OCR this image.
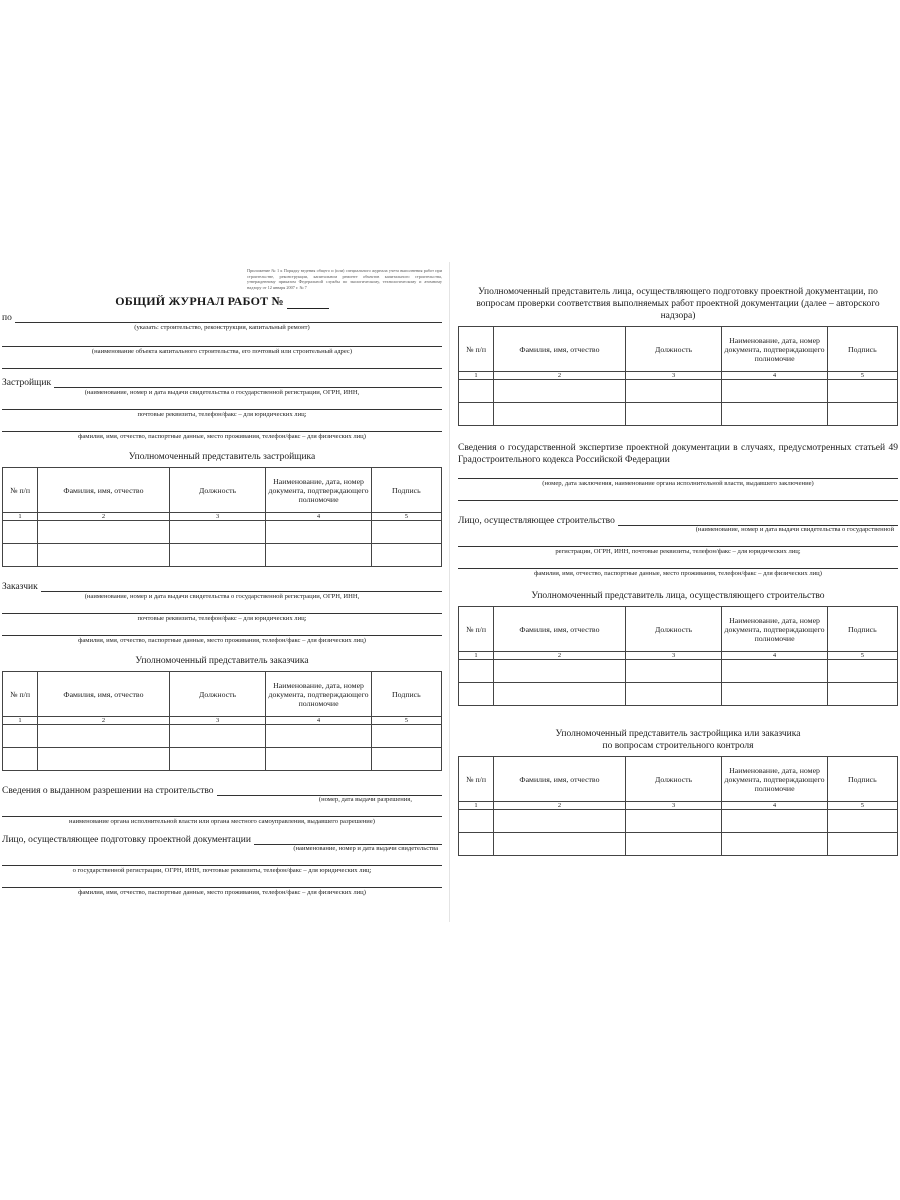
Приложение № 1 к Порядку ведения общего и (или) специального журнала учета выполнения работ при строительстве, реконструкции, капитальном ремонте объектов капитального строительства, утвержденному приказом Федеральной службы по экологическому, технологическому и атомному надзору от 12 января 2007 г. № 7
ОБЩИЙ ЖУРНАЛ РАБОТ №
по
(указать: строительство, реконструкция, капитальный ремонт)
(наименование объекта капитального строительства, его почтовый или строительный адрес)
Застройщик
(наименование, номер и дата выдачи свидетельства о государственной регистрации, ОГРН, ИНН,
почтовые реквизиты, телефон/факс – для юридических лиц;
фамилия, имя, отчество, паспортные данные, место проживания, телефон/факс – для физических лиц)
Уполномоченный представитель застройщика
№ п/п	Фамилия, имя, отчество	Должность	Наименование, дата, номер документа, подтверждающего полномочие	Подпись
1	2	3	4	5

Заказчик
(наименование, номер и дата выдачи свидетельства о государственной регистрации, ОГРН, ИНН,
почтовые реквизиты, телефон/факс – для юридических лиц;
фамилия, имя, отчество, паспортные данные, место проживания, телефон/факс – для физических лиц)
Уполномоченный представитель заказчика
№ п/п	Фамилия, имя, отчество	Должность	Наименование, дата, номер документа, подтверждающего полномочие	Подпись
1	2	3	4	5

Сведения о выданном разрешении на строительство
(номер, дата выдачи разрешения,
наименование органа исполнительной власти или органа местного самоуправления, выдавшего разрешение)
Лицо, осуществляющее подготовку проектной документации
(наименование, номер и дата выдачи свидетельства
о государственной регистрации, ОГРН, ИНН, почтовые реквизиты, телефон/факс – для юридических лиц;
фамилия, имя, отчество, паспортные данные, место проживания, телефон/факс – для физических лиц)
Уполномоченный представитель лица, осуществляющего подготовку проектной документации, по вопросам проверки соответствия выполняемых работ проектной документации (далее – авторского надзора)
№ п/п	Фамилия, имя, отчество	Должность	Наименование, дата, номер документа, подтверждающего полномочие	Подпись
1	2	3	4	5

Сведения о государственной экспертизе проектной документации в случаях, предусмотренных статьей 49 Градостроительного кодекса Российской Федерации
(номер, дата заключения, наименование органа исполнительной власти, выдавшего заключение)
Лицо, осуществляющее строительство
(наименование, номер и дата выдачи свидетельства о государственной
регистрации, ОГРН, ИНН, почтовые реквизиты, телефон/факс – для юридических лиц;
фамилия, имя, отчество, паспортные данные, место проживания, телефон/факс – для физических лиц)
Уполномоченный представитель лица, осуществляющего строительство
№ п/п	Фамилия, имя, отчество	Должность	Наименование, дата, номер документа, подтверждающего полномочие	Подпись
1	2	3	4	5

Уполномоченный представитель застройщика или заказчика
по вопросам строительного контроля
№ п/п	Фамилия, имя, отчество	Должность	Наименование, дата, номер документа, подтверждающего полномочие	Подпись
1	2	3	4	5
